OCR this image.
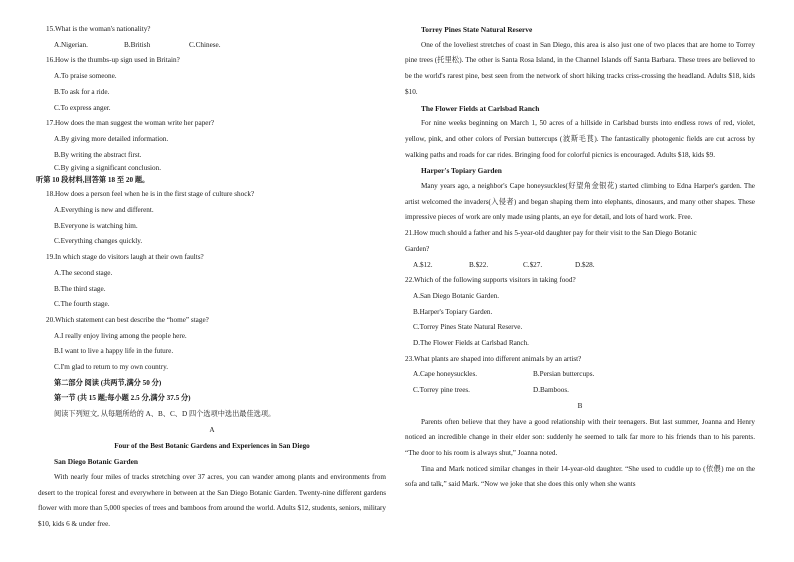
15.What is the woman's nationality?
A.Nigerian.	B.British	C.Chinese.
16.How is the thumbs-up sign used in Britain?
A.To praise someone.
B.To ask for a ride.
C.To express anger.
17.How does the man suggest the woman write her paper?
A.By giving more detailed information.
B.By writing the abstract first.
C.By giving a significant conclusion.
听第 10 段材料,回答第 18 至 20 题。
18.How does a person feel when he is in the first stage of culture shock?
A.Everything is new and different.
B.Everyone is watching him.
C.Everything changes quickly.
19.In which stage do visitors laugh at their own faults?
A.The second stage.
B.The third stage.
C.The fourth stage.
20.Which statement can best describe the “home” stage?
A.I really enjoy living among the people here.
B.I want to live a happy life in the future.
C.I'm glad to return to my own country.
第二部分 阅读 (共两节,满分 50 分)
第一节 (共 15 题;每小题 2.5 分,满分 37.5 分)
阅读下列短文, 从每题所给的 A、B、C、D 四个选项中选出最佳选项。
A
Four of the Best Botanic Gardens and Experiences in San Diego
San Diego Botanic Garden
With nearly four miles of tracks stretching over 37 acres, you can wander among plants and environments from desert to the tropical forest and everywhere in between at the San Diego Botanic Garden. Twenty-nine different gardens flower with more than 5,000 species of trees and bamboos from around the world. Adults $12, students, seniors, military $10, kids 6 & under free.
Torrey Pines State Natural Reserve
One of the loveliest stretches of coast in San Diego, this area is also just one of two places that are home to Torrey pine trees (托里松). The other is Santa Rosa Island, in the Channel Islands off Santa Barbara. These trees are believed to be the world's rarest pine, best seen from the network of short hiking tracks criss-crossing the headland. Adults $18, kids $10.
The Flower Fields at Carlsbad Ranch
For nine weeks beginning on March 1, 50 acres of a hillside in Carlsbad bursts into endless rows of red, violet, yellow, pink, and other colors of Persian buttercups (波斯毛茛). The fantastically photogenic fields are cut across by walking paths and roads for car rides. Bringing food for colorful picnics is encouraged. Adults $18, kids $9.
Harper's Topiary Garden
Many years ago, a neighbor's Cape honeysuckles(好望角金银花) started climbing to Edna Harper's garden. The artist welcomed the invaders(入侵者) and began shaping them into elephants, dinosaurs, and many other shapes. These impressive pieces of work are only made using plants, an eye for detail, and lots of hard work. Free.
21.How much should a father and his 5-year-old daughter pay for their visit to the San Diego Botanic
Garden?
A.$12.	B.$22.	C.$27.	D.$28.
22.Which of the following supports visitors in taking food?
A.San Diego Botanic Garden.
B.Harper's Topiary Garden.
C.Torrey Pines State Natural Reserve.
D.The Flower Fields at Carlsbad Ranch.
23.What plants are shaped into different animals by an artist?
A.Cape honeysuckles.	B.Persian buttercups.
C.Torrey pine trees.	D.Bamboos.
B
Parents often believe that they have a good relationship with their teenagers. But last summer, Joanna and Henry noticed an incredible change in their elder son: suddenly he seemed to talk far more to his friends than to his parents. “The door to his room is always shut,” Joanna noted.
Tina and Mark noticed similar changes in their 14-year-old daughter. “She used to cuddle up to (依偎) me on the sofa and talk,” said Mark. “Now we joke that she does this only when she wants
